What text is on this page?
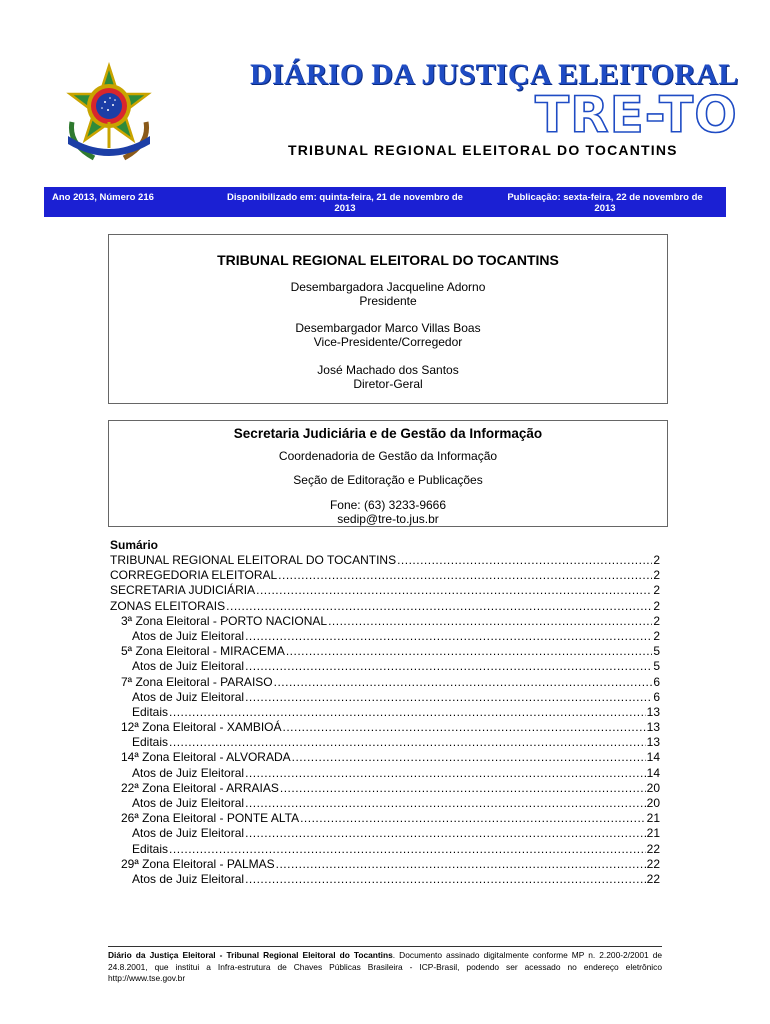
DIÁRIO DA JUSTIÇA ELEITORAL
TRE-TO
TRIBUNAL REGIONAL ELEITORAL DO TOCANTINS
Ano 2013, Número 216	Disponibilizado em: quinta-feira, 21 de novembro de
2013
Publicação: sexta-feira, 22 de novembro de
2013
TRIBUNAL REGIONAL ELEITORAL DO TOCANTINS
Desembargadora Jacqueline Adorno
Presidente
Desembargador Marco Villas Boas
Vice-Presidente/Corregedor
José Machado dos Santos
Diretor-Geral
Secretaria Judiciária e de Gestão da Informação
Coordenadoria de Gestão da Informação
Seção de Editoração e Publicações
Fone: (63) 3233-9666
sedip@tre-to.jus.br
Sumário
TRIBUNAL REGIONAL ELEITORAL DO TOCANTINS .....	2
CORREGEDORIA ELEITORAL .....	2
SECRETARIA JUDICIÁRIA .....	2
ZONAS ELEITORAIS .....	2
3ª Zona Eleitoral - PORTO NACIONAL .....	2
Atos de Juiz Eleitoral .....	2
5ª Zona Eleitoral - MIRACEMA .....	5
Atos de Juiz Eleitoral .....	5
7ª Zona Eleitoral - PARAISO .....	6
Atos de Juiz Eleitoral .....	6
Editais .....	13
12ª Zona Eleitoral - XAMBIOÁ .....	13
Editais .....	13
14ª Zona Eleitoral - ALVORADA .....	14
Atos de Juiz Eleitoral .....	14
22ª Zona Eleitoral - ARRAIAS .....	20
Atos de Juiz Eleitoral .....	20
26ª Zona Eleitoral - PONTE ALTA .....	21
Atos de Juiz Eleitoral .....	21
Editais .....	22
29ª Zona Eleitoral - PALMAS .....	22
Atos de Juiz Eleitoral .....	22
Diário da Justiça Eleitoral - Tribunal Regional Eleitoral do Tocantins. Documento assinado digitalmente conforme MP n. 2.200-2/2001 de 24.8.2001, que institui a Infra-estrutura de Chaves Públicas Brasileira - ICP-Brasil, podendo ser acessado no endereço eletrônico http://www.tse.gov.br
